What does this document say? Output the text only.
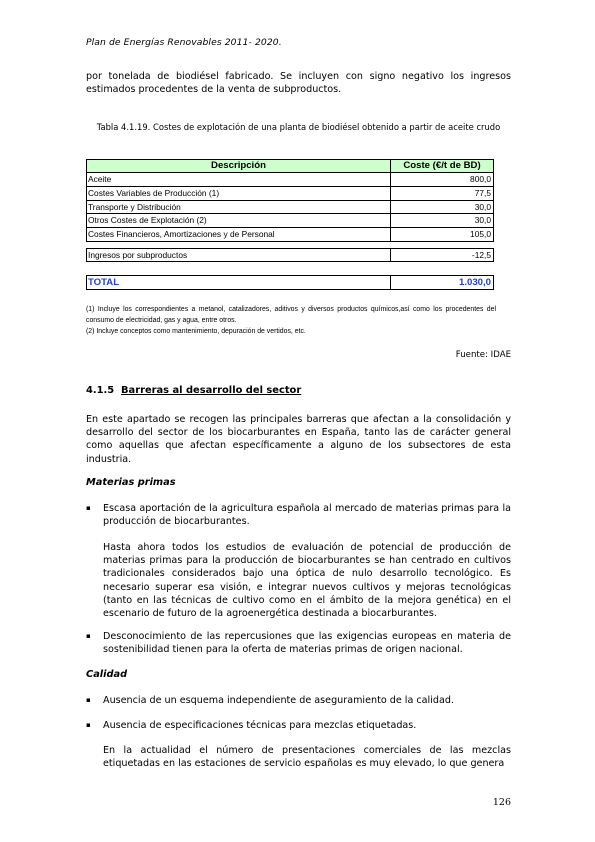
Plan de Energías Renovables 2011- 2020.

por tonelada de biodiésel fabricado. Se incluyen con signo negativo los ingresos estimados procedentes de la venta de subproductos.

Tabla 4.1.19. Costes de explotación de una planta de biodiésel obtenido a partir de aceite crudo
Descripción	Coste (€/t de BD)
Aceite	800,0
Costes Variables de Producción (1)	77,5
Transporte y Distribución	30,0
Otros Costes de Explotación (2)	30,0
Costes Financieros, Amortizaciones y de Personal	105,0
Ingresos por subproductos	-12,5
TOTAL	1.030,0

(1) Incluye los correspondientes a metanol, catalizadores, aditivos y diversos productos químicos,así como los procedentes del consumo de electricidad, gas y agua, entre otros.

(2) Incluye conceptos como mantenimiento, depuración de vertidos, etc.

Fuente: IDAE
4.1.5 Barreras al desarrollo del sector

En este apartado se recogen las principales barreras que afectan a la consolidación y desarrollo del sector de los biocarburantes en España, tanto las de carácter general como aquellas que afectan específicamente a alguno de los subsectores de esta industria.

Materias primas
▪ Escasa aportación de la agricultura española al mercado de materias primas para la producción de biocarburantes.
Hasta ahora todos los estudios de evaluación de potencial de producción de materias primas para la producción de biocarburantes se han centrado en cultivos tradicionales considerados bajo una óptica de nulo desarrollo tecnológico. Es necesario superar esa visión, e integrar nuevos cultivos y mejoras tecnológicas (tanto en las técnicas de cultivo como en el ámbito de la mejora genética) en el escenario de futuro de la agroenergética destinada a biocarburantes.
▪ Desconocimiento de las repercusiones que las exigencias europeas en materia de sostenibilidad tienen para la oferta de materias primas de origen nacional.
Calidad
▪ Ausencia de un esquema independiente de aseguramiento de la calidad.
▪ Ausencia de especificaciones técnicas para mezclas etiquetadas.
En la actualidad el número de presentaciones comerciales de las mezclas etiquetadas en las estaciones de servicio españolas es muy elevado, lo que genera
126
